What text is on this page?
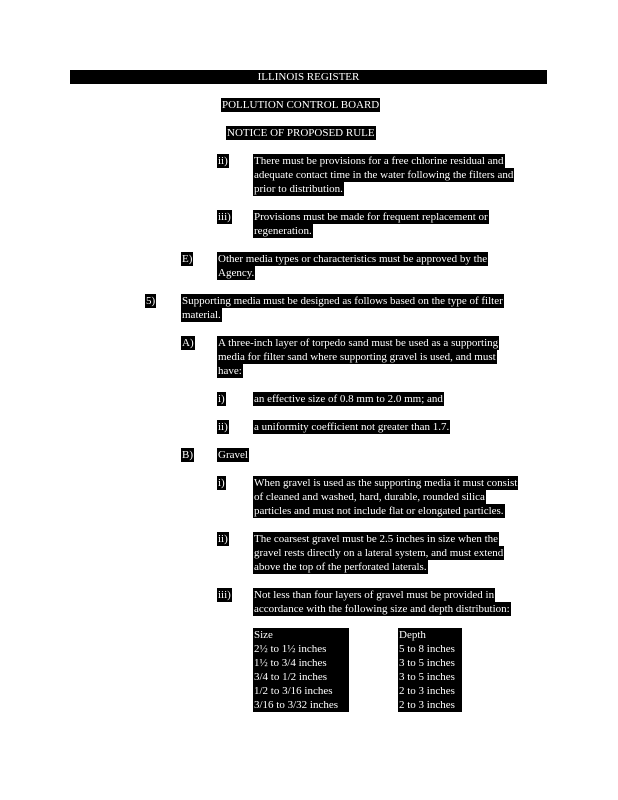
ILLINOIS REGISTER
POLLUTION CONTROL BOARD
NOTICE OF PROPOSED RULE
ii) There must be provisions for a free chlorine residual and
adequate contact time in the water following the filters and
prior to distribution.
iii) Provisions must be made for frequent replacement or
regeneration.
E) Other media types or characteristics must be approved by the
Agency.
5) Supporting media must be designed as follows based on the type of filter
material.
A) A three-inch layer of torpedo sand must be used as a supporting
media for filter sand where supporting gravel is used, and must
have:
i)	an effective size of 0.8 mm to 2.0 mm; and
ii) a uniformity coefficient not greater than 1.7.
B) Gravel
i)	When gravel is used as the supporting media it must consist
of cleaned and washed, hard, durable, rounded silica
particles and must not include flat or elongated particles.
ii) The coarsest gravel must be 2.5 inches in size when the
gravel rests directly on a lateral system, and must extend
above the top of the perforated laterals.
iii) Not less than four layers of gravel must be provided in
accordance with the following size and depth distribution:
Size
2½ to 1½ inches
1½ to 3/4 inches
3/4 to 1/2 inches
1/2 to 3/16 inches
3/16 to 3/32 inches
Depth
5 to 8 inches
3 to 5 inches
3 to 5 inches
2 to 3 inches
2 to 3 inches
